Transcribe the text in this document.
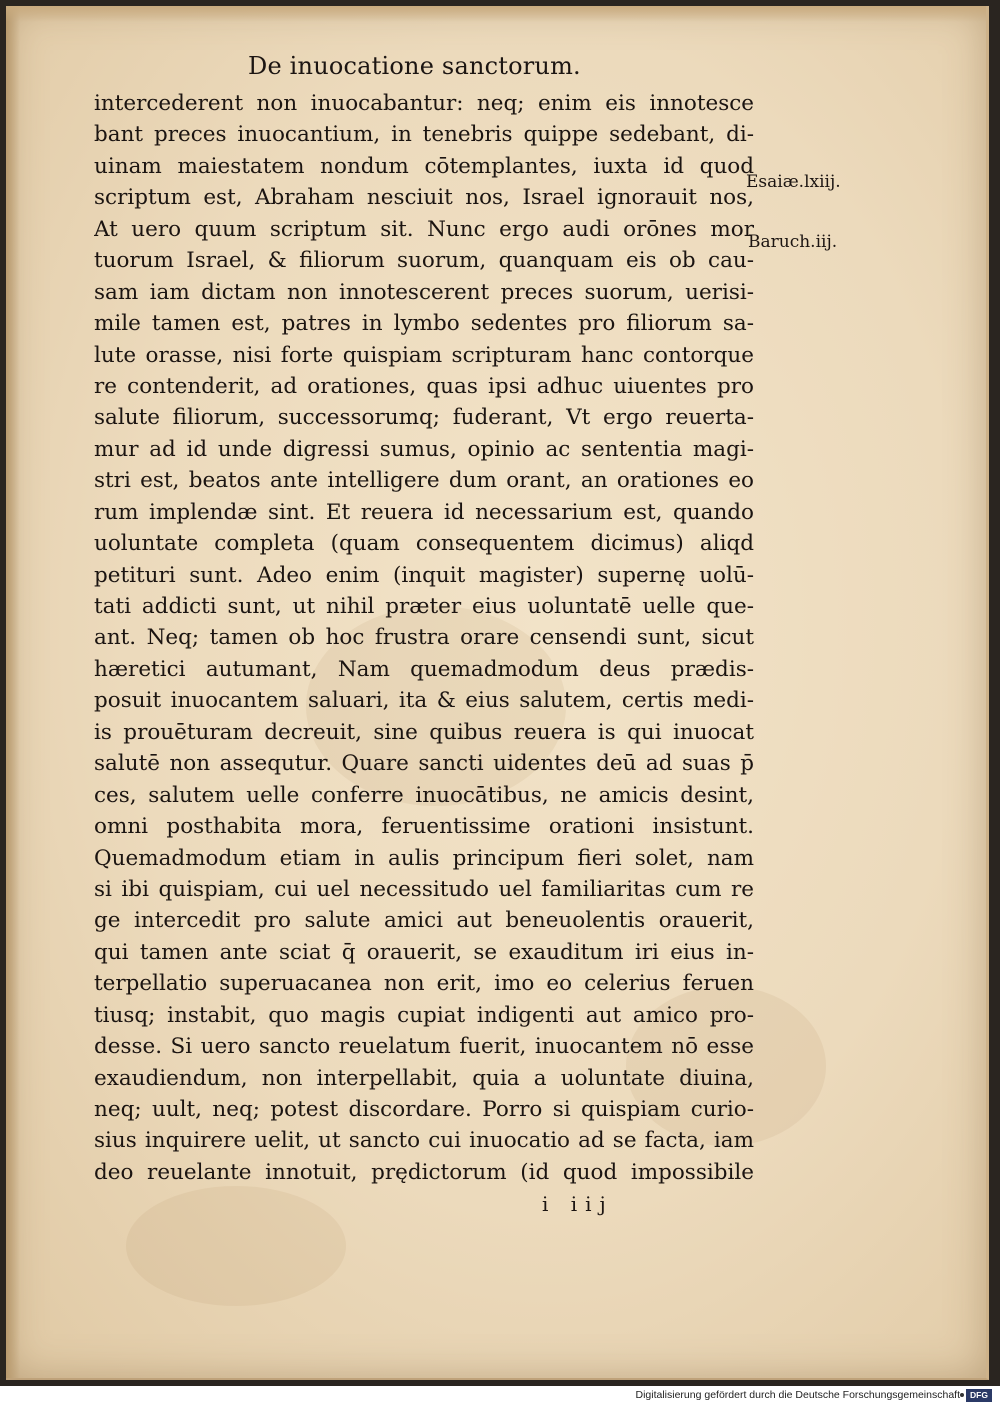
De inuocatione sanctorum.
intercederent non inuocabantur: neq; enim eis innotesce
bant preces inuocantium, in tenebris quippe sedebant, di-
uinam maiestatem nondum cōtemplantes, iuxta id quod
scriptum est, Abraham nesciuit nos, Israel ignorauit nos,
At uero quum scriptum sit. Nunc ergo audi orōnes mor
tuorum Israel, & filiorum suorum, quanquam eis ob cau-
sam iam dictam non innotescerent preces suorum, uerisi-
mile tamen est, patres in lymbo sedentes pro filiorum sa-
lute orasse, nisi forte quispiam scripturam hanc contorque
re contenderit, ad orationes, quas ipsi adhuc uiuentes pro
salute filiorum, successorumq; fuderant, Vt ergo reuerta-
mur ad id unde digressi sumus, opinio ac sententia magi-
stri est, beatos ante intelligere dum orant, an orationes eo
rum implendæ sint. Et reuera id necessarium est, quando
uoluntate completa (quam consequentem dicimus) aliqd
petituri sunt. Adeo enim (inquit magister) supernę uolū-
tati addicti sunt, ut nihil præter eius uoluntatē uelle que-
ant. Neq; tamen ob hoc frustra orare censendi sunt, sicut
hæretici autumant, Nam quemadmodum deus prædis-
posuit inuocantem saluari, ita & eius salutem, certis medi-
is prouēturam decreuit, sine quibus reuera is qui inuocat
salutē non assequtur. Quare sancti uidentes deū ad suas p̄
ces, salutem uelle conferre inuocātibus, ne amicis desint,
omni posthabita mora, feruentissime orationi insistunt.
Quemadmodum etiam in aulis principum fieri solet, nam
si ibi quispiam, cui uel necessitudo uel familiaritas cum re
ge intercedit pro salute amici aut beneuolentis orauerit,
qui tamen ante sciat q̄ orauerit, se exauditum iri eius in-
terpellatio superuacanea non erit, imo eo celerius feruen
tiusq; instabit, quo magis cupiat indigenti aut amico pro-
desse. Si uero sancto reuelatum fuerit, inuocantem nō esse
exaudiendum, non interpellabit, quia a uoluntate diuina,
neq; uult, neq; potest discordare. Porro si quispiam curio-
sius inquirere uelit, ut sancto cui inuocatio ad se facta, iam
deo reuelante innotuit, prędictorum (id quod impossibile
Esaiæ.lxiij.
Baruch.iij.
i iij
Digitalisierung gefördert durch die Deutsche Forschungsgemeinschaft	DFG
